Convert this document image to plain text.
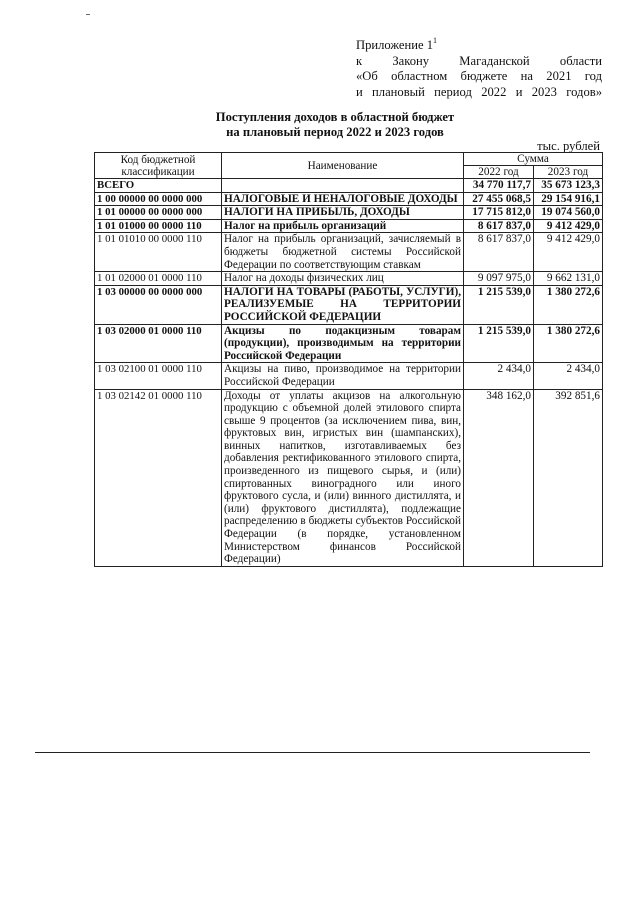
Приложение $1^1$
к Закону Магаданской области
«Об областном бюджете на 2021 год
и плановый период 2022 и 2023 годов»
Поступления доходов в областной бюджет
на плановый период 2022 и 2023 годов
тыс. рублей
Код бюджетной классификации	Наименование	Сумма	
		2022 год	2023 год
ВСЕГО		34 770 117,7	35 673 123,3
1 00 00000 00 0000 000	НАЛОГОВЫЕ И НЕНАЛОГОВЫЕ ДОХОДЫ	27 455 068,5	29 154 916,1
1 01 00000 00 0000 000	НАЛОГИ НА ПРИБЫЛЬ, ДОХОДЫ	17 715 812,0	19 074 560,0
1 01 01000 00 0000 110	Налог на прибыль организаций	8 617 837,0	9 412 429,0
1 01 01010 00 0000 110	Налог на прибыль организаций, зачисляемый в бюджеты бюджетной системы Российской Федерации по соответствующим ставкам	8 617 837,0	9 412 429,0
1 01 02000 01 0000 110	Налог на доходы физических лиц	9 097 975,0	9 662 131,0
1 03 00000 00 0000 000	НАЛОГИ НА ТОВАРЫ (РАБОТЫ, УСЛУГИ), РЕАЛИЗУЕМЫЕ НА ТЕРРИТОРИИ РОССИЙСКОЙ ФЕДЕРАЦИИ	1 215 539,0	1 380 272,6
1 03 02000 01 0000 110	Акцизы по подакцизным товарам (продукции), производимым на территории Российской Федерации	1 215 539,0	1 380 272,6
1 03 02100 01 0000 110	Акцизы на пиво, производимое на территории Российской Федерации	2 434,0	2 434,0
1 03 02142 01 0000 110	Доходы от уплаты акцизов на алкогольную продукцию с объемной долей этилового спирта свыше 9 процентов (за исключением пива, вин, фруктовых вин, игристых вин (шампанских), винных напитков, изготавливаемых без добавления ректификованного этилового спирта, произведенного из пищевого сырья, и (или) спиртованных виноградного или иного фруктового сусла, и (или) винного дистиллята, и (или) фруктового дистиллята), подлежащие распределению в бюджеты субъектов Российской Федерации (в порядке, установленном Министерством финансов Российской Федерации)	348 162,0	392 851,6
